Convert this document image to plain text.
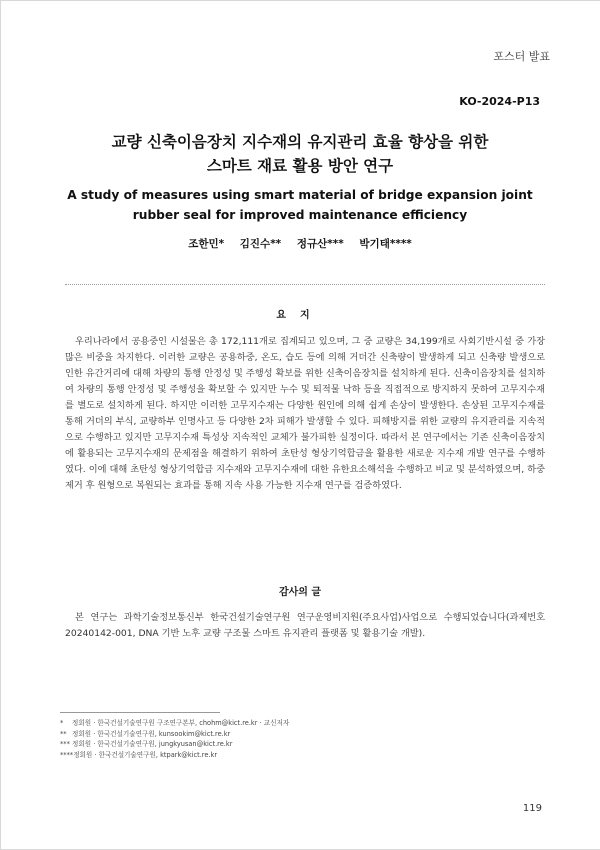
포스터 발표
KO-2024-P13
교량 신축이음장치 지수재의 유지관리 효율 향상을 위한
스마트 재료 활용 방안 연구
A study of measures using smart material of bridge expansion joint rubber seal for improved maintenance efficiency
조한민* 김진수** 정규산*** 박기태****
요지
우리나라에서 공용중인 시설물은 총 172,111개로 집계되고 있으며, 그 중 교량은 34,199개로 사회기반시설 중 가장 많은 비중을 차지한다. 이러한 교량은 공용하중, 온도, 습도 등에 의해 거더간 신축량이 발생하게 되고 신축량 발생으로 인한 유간거리에 대해 차량의 통행 안정성 및 주행성 확보를 위한 신축이음장치를 설치하게 된다. 신축이음장치를 설치하여 차량의 통행 안정성 및 주행성을 확보할 수 있지만 누수 및 퇴적물 낙하 등을 직접적으로 방지하지 못하여 고무지수재를 별도로 설치하게 된다. 하지만 이러한 고무지수재는 다양한 원인에 의해 쉽게 손상이 발생한다. 손상된 고무지수재를 통해 거더의 부식, 교량하부 인명사고 등 다양한 2차 피해가 발생할 수 있다. 피해방지를 위한 교량의 유지관리를 지속적으로 수행하고 있지만 고무지수재 특성상 지속적인 교체가 불가피한 실정이다. 따라서 본 연구에서는 기존 신축이음장치에 활용되는 고무지수재의 문제점을 해결하기 위하여 초탄성 형상기억합금을 활용한 새로운 지수재 개발 연구를 수행하였다. 이에 대해 초탄성 형상기억합금 지수재와 고무지수재에 대한 유한요소해석을 수행하고 비교 및 분석하였으며, 하중 제거 후 원형으로 복원되는 효과를 통해 지속 사용 가능한 지수재 연구를 검증하였다.
감사의 글
본 연구는 과학기술정보통신부 한국건설기술연구원 연구운영비지원(주요사업)사업으로 수행되었습니다(과제번호 20240142-001, DNA 기반 노후 교량 구조물 스마트 유지관리 플랫폼 및 활용기술 개발).
* 정회원 · 한국건설기술연구원 구조연구본부, chohm@kict.re.kr · 교신저자
** 정회원 · 한국건설기술연구원, kunsookim@kict.re.kr
*** 정회원 · 한국건설기술연구원, jungkyusan@kict.re.kr
****정회원 · 한국건설기술연구원, ktpark@kict.re.kr
119
